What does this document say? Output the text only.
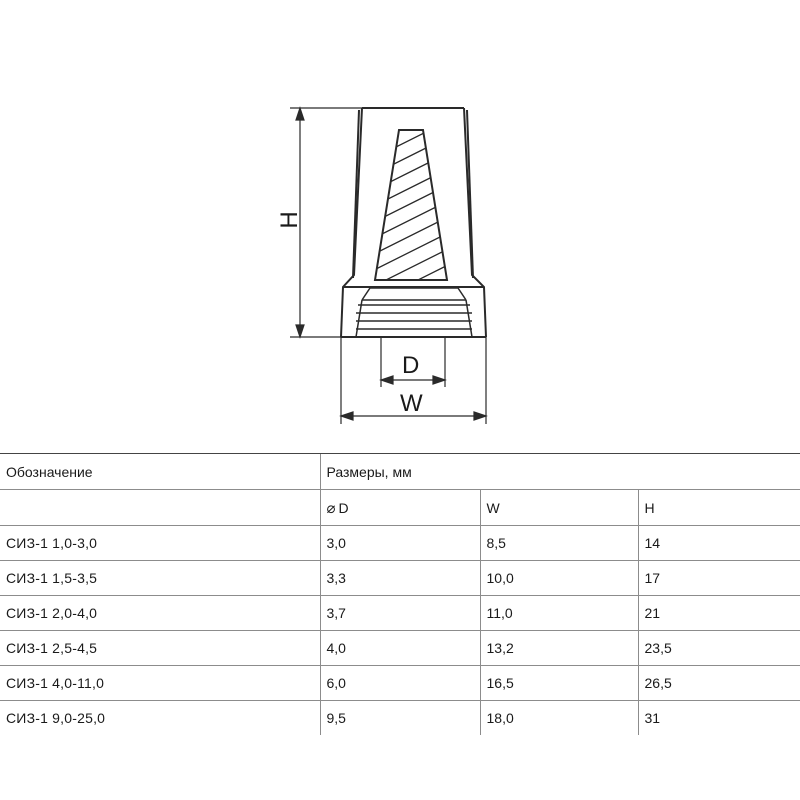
H
D
W
Обозначение	Размеры, мм		
	⌀ D	W	H
СИЗ-1 1,0-3,0	3,0	8,5	14
СИЗ-1 1,5-3,5	3,3	10,0	17
СИЗ-1 2,0-4,0	3,7	11,0	21
СИЗ-1 2,5-4,5	4,0	13,2	23,5
СИЗ-1 4,0-11,0	6,0	16,5	26,5
СИЗ-1 9,0-25,0	9,5	18,0	31
